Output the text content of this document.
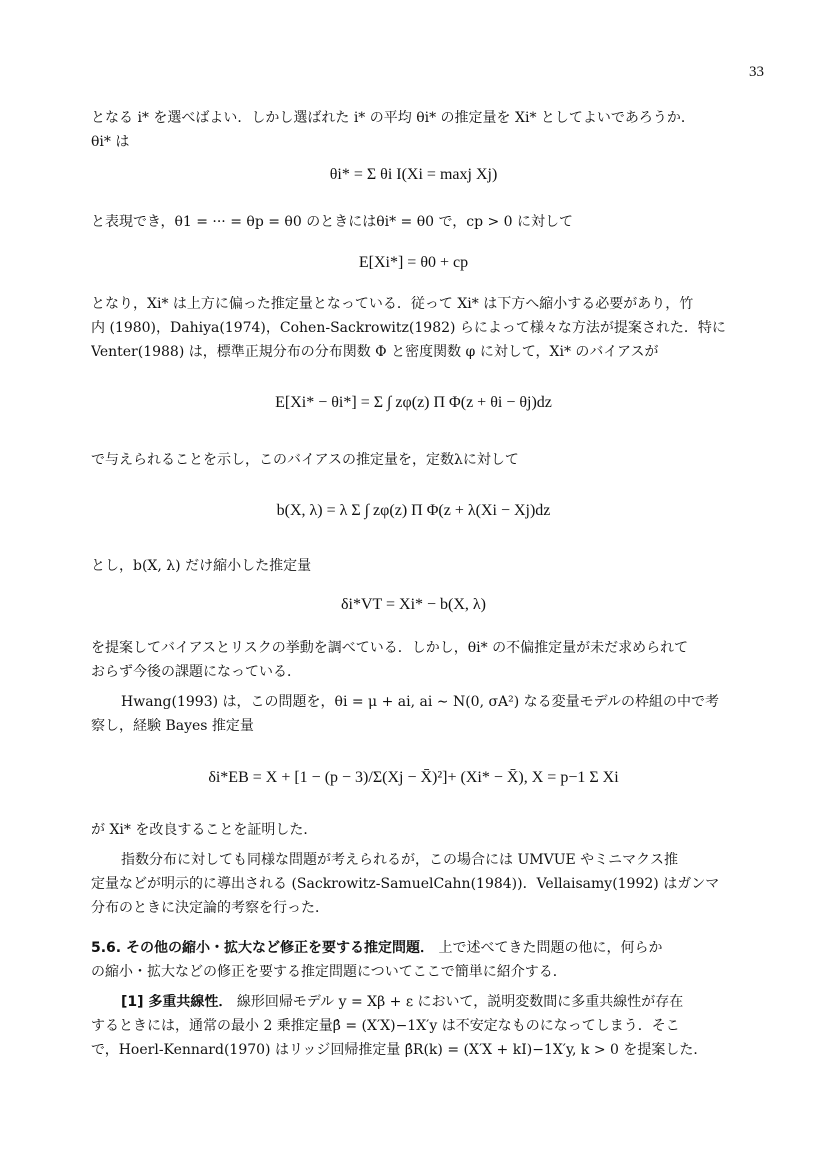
33
となる i* を選べばよい．しかし選ばれた i* の平均 θi* の推定量を Xi* としてよいであろうか．
θi* は
θi* = Σ θi I(Xi = maxj Xj)
と表現でき，θ1 = ··· = θp = θ0 のときにはθi* = θ0 で，cp > 0 に対して
E[Xi*] = θ0 + cp
となり，Xi* は上方に偏った推定量となっている．従って Xi* は下方へ縮小する必要があり，竹
内 (1980)，Dahiya(1974)，Cohen-Sackrowitz(1982) らによって様々な方法が提案された．特に
Venter(1988) は，標準正規分布の分布関数 Φ と密度関数 φ に対して，Xi* のバイアスが
E[Xi* − θi*] = Σ ∫ zφ(z) Π Φ(z + θi − θj)dz
で与えられることを示し，このバイアスの推定量を，定数λに対して
b(X, λ) = λ Σ ∫ zφ(z) Π Φ(z + λ(Xi − Xj)dz
とし，b(X, λ) だけ縮小した推定量
δi*VT = Xi* − b(X, λ)
を提案してバイアスとリスクの挙動を調べている．しかし，θi* の不偏推定量が未だ求められて
おらず今後の課題になっている．
Hwang(1993) は，この問題を，θi = μ + ai, ai ∼ N(0, σA²) なる変量モデルの枠組の中で考
察し，経験 Bayes 推定量
δi*EB = X + [1 − (p − 3)/Σ(Xj − X̄)²]+ (Xi* − X̄), X = p−1 Σ Xi
が Xi* を改良することを証明した．
指数分布に対しても同様な問題が考えられるが，この場合には UMVUE やミニマクス推
定量などが明示的に導出される (Sackrowitz-SamuelCahn(1984))．Vellaisamy(1992) はガンマ
分布のときに決定論的考察を行った．
5.6. その他の縮小・拡大など修正を要する推定問題． 上で述べてきた問題の他に，何らか
の縮小・拡大などの修正を要する推定問題についてここで簡単に紹介する．
[1] 多重共線性． 線形回帰モデル y = Xβ + ε において，説明変数間に多重共線性が存在
するときには，通常の最小 2 乗推定量β̂ = (X′X)−1X′y は不安定なものになってしまう．そこ
で，Hoerl-Kennard(1970) はリッジ回帰推定量 β̂R(k) = (X′X + kI)−1X′y, k > 0 を提案した．
